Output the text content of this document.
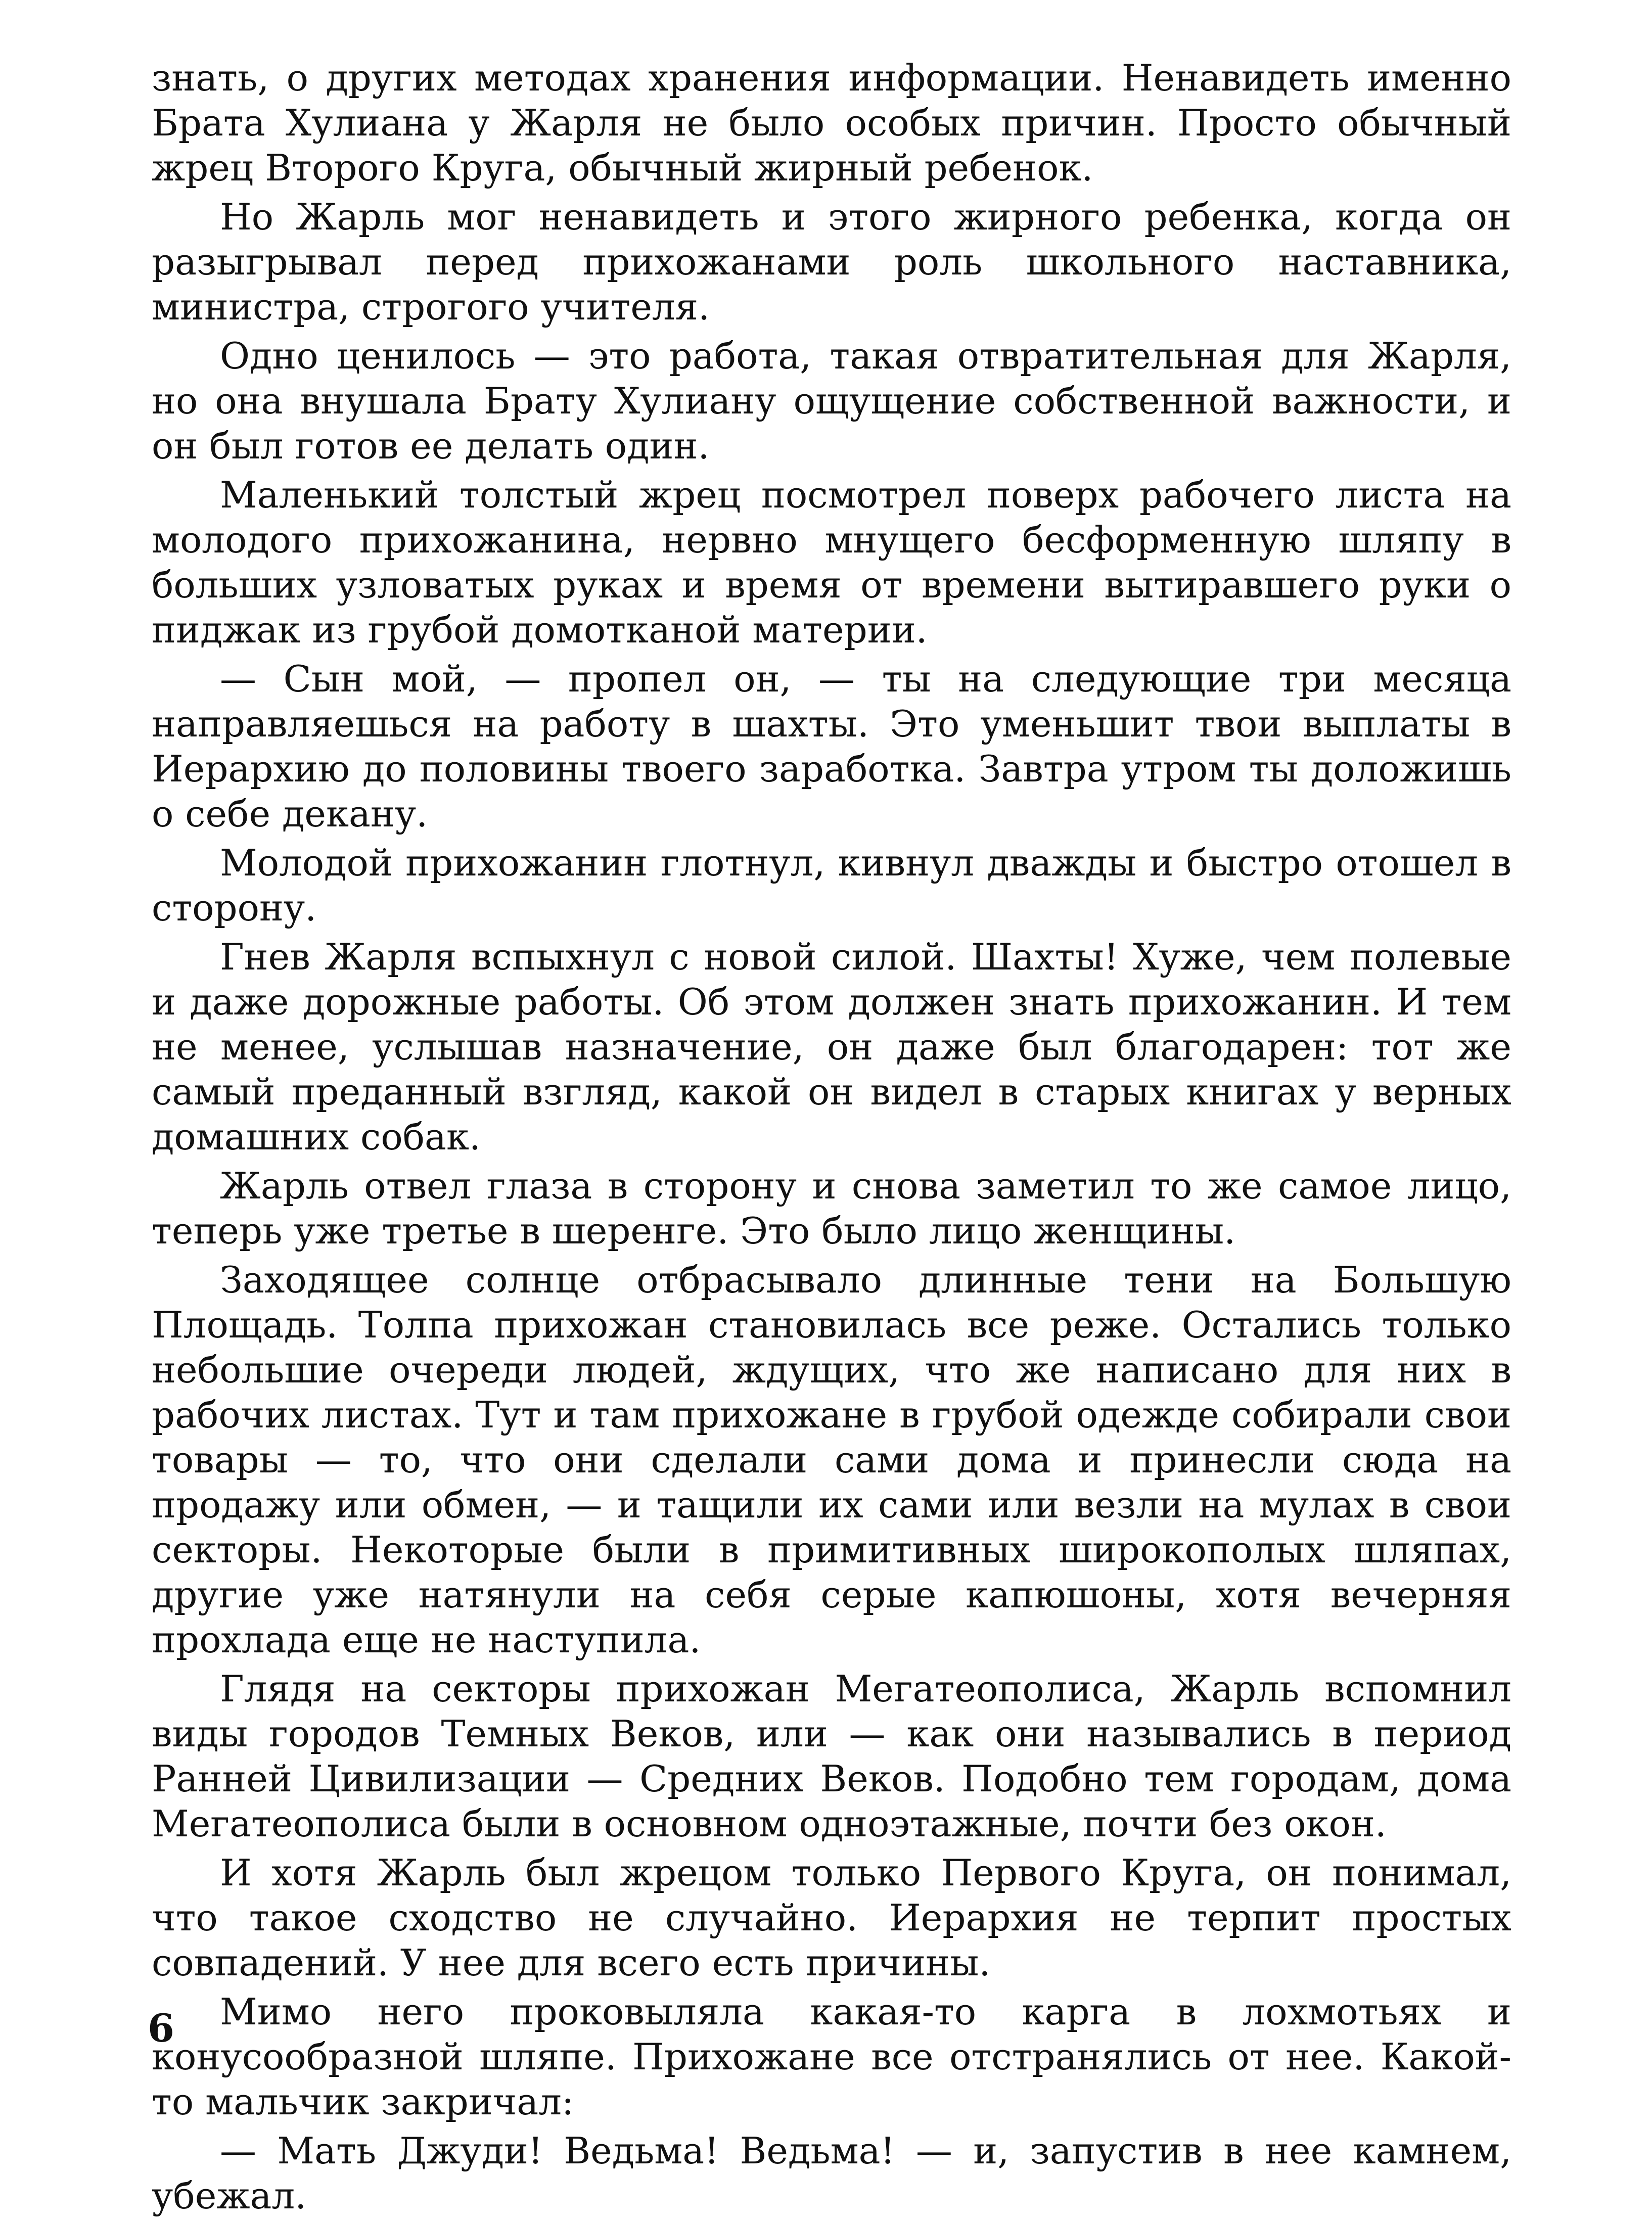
знать, о других методах хранения информации. Ненавидеть именно Брата Хулиана у Жарля не было особых причин. Просто обычный жрец Второго Круга, обычный жирный ребенок.

Но Жарль мог ненавидеть и этого жирного ребенка, когда он разыгрывал перед прихожанами роль школьного наставника, министра, строгого учителя.

Одно ценилось — это работа, такая отвратительная для Жарля, но она внушала Брату Хулиану ощущение собственной важности, и он был готов ее делать один.

Маленький толстый жрец посмотрел поверх рабочего листа на молодого прихожанина, нервно мнущего бесформенную шляпу в больших узловатых руках и время от времени вытиравшего руки о пиджак из грубой домотканой материи.

— Сын мой, — пропел он, — ты на следующие три месяца направляешься на работу в шахты. Это уменьшит твои выплаты в Иерархию до половины твоего заработка. Завтра утром ты доложишь о себе декану.

Молодой прихожанин глотнул, кивнул дважды и быстро отошел в сторону.

Гнев Жарля вспыхнул с новой силой. Шахты! Хуже, чем полевые и даже дорожные работы. Об этом должен знать прихожанин. И тем не менее, услышав назначение, он даже был благодарен: тот же самый преданный взгляд, какой он видел в старых книгах у верных домашних собак.

Жарль отвел глаза в сторону и снова заметил то же самое лицо, теперь уже третье в шеренге. Это было лицо женщины.

Заходящее солнце отбрасывало длинные тени на Большую Площадь. Толпа прихожан становилась все реже. Остались только небольшие очереди людей, ждущих, что же написано для них в рабочих листах. Тут и там прихожане в грубой одежде собирали свои товары — то, что они сделали сами дома и принесли сюда на продажу или обмен, — и тащили их сами или везли на мулах в свои секторы. Некоторые были в примитивных широкополых шляпах, другие уже натянули на себя серые капюшоны, хотя вечерняя прохлада еще не наступила.

Глядя на секторы прихожан Мегатеополиса, Жарль вспомнил виды городов Темных Веков, или — как они назывались в период Ранней Цивилизации — Средних Веков. Подобно тем городам, дома Мегатеополиса были в основном одноэтажные, почти без окон.

И хотя Жарль был жрецом только Первого Круга, он понимал, что такое сходство не случайно. Иерархия не терпит простых совпадений. У нее для всего есть причины.

Мимо него проковыляла какая-то карга в лохмотьях и конусообразной шляпе. Прихожане все отстранялись от нее. Какой-то мальчик закричал:

— Мать Джуди! Ведьма! Ведьма! — и, запустив в нее камнем, убежал.

6
